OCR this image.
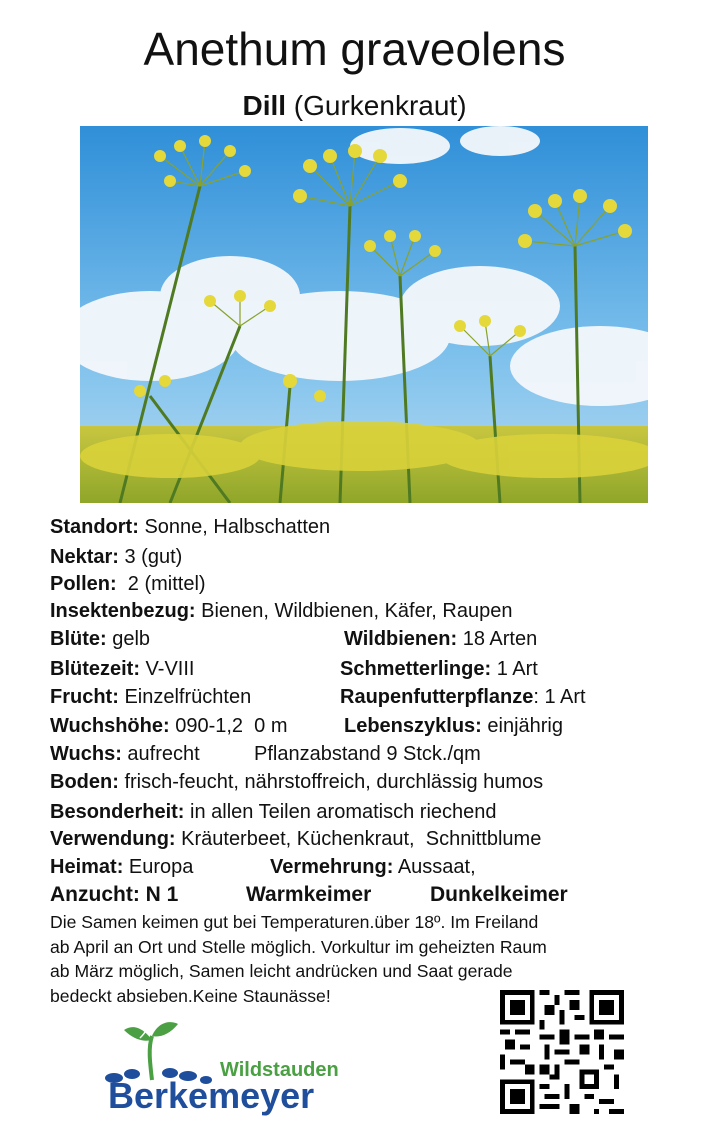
Anethum graveolens
Dill (Gurkenkraut)
Standort: Sonne, Halbschatten
Nektar: 3 (gut)
Pollen:  2 (mittel)
Insektenbezug: Bienen, Wildbienen, Käfer, Raupen
Blüte: gelb	Wildbienen: 18 Arten
Blütezeit: V-VIII	Schmetterlinge: 1 Art
Frucht: Einzelfrüchten	Raupenfutterpflanze: 1 Art
Wuchshöhe: 090-1,2  0 m	Lebenszyklus: einjährig
Wuchs: aufrecht	Pflanzabstand 9 Stck./qm
Boden: frisch-feucht, nährstoffreich, durchlässig humos
Besonderheit: in allen Teilen aromatisch riechend
Verwendung: Kräuterbeet, Küchenkraut,  Schnittblume
Heimat: Europa	Vermehrung: Aussaat,
Anzucht: N 1	Warmkeimer	Dunkelkeimer
Die Samen keimen gut bei Temperaturen.über 18º. Im Freiland
ab April an Ort und Stelle möglich. Vorkultur im geheizten Raum
ab März möglich, Samen leicht andrücken und Saat gerade
bedeckt absieben.Keine Staunässe!
Wildstauden
Berkemeyer
